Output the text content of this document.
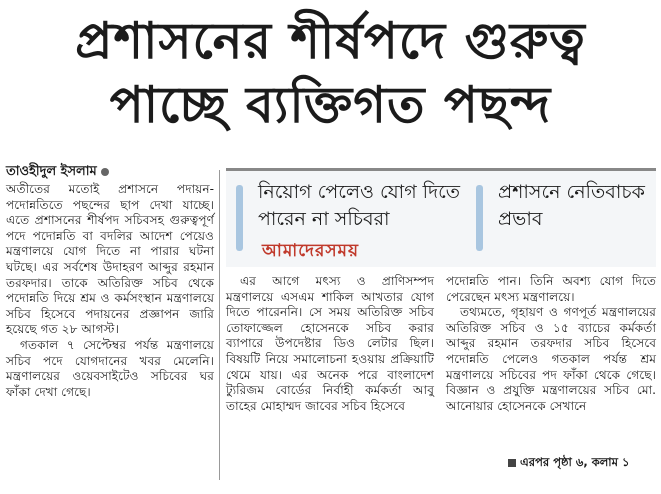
প্রশাসনের শীর্ষপদে গুরুত্ব
পাচ্ছে ব্যক্তিগত পছন্দ
তাওহীদুল ইসলাম

অতীতের মতোই প্রশাসনে পদায়ন-পদোন্নতিতে পছন্দের ছাপ দেখা যাচ্ছে। এতে প্রশাসনের শীর্ষপদ সচিবসহ গুরুত্বপূর্ণ পদে পদোন্নতি বা বদলির আদেশ পেয়েও মন্ত্রণালয়ে যোগ দিতে না পারার ঘটনা ঘটছে। এর সর্বশেষ উদাহরণ আব্দুর রহমান তরফদার। তাকে অতিরিক্ত সচিব থেকে পদোন্নতি দিয়ে শ্রম ও কর্মসংস্থান মন্ত্রণালয়ে সচিব হিসেবে পদায়নের প্রজ্ঞাপন জারি হয়েছে গত ২৮ আগস্ট।

গতকাল ৭ সেপ্টেম্বর পর্যন্ত মন্ত্রণালয়ে সচিব পদে যোগদানের খবর মেলেনি। মন্ত্রণালয়ের ওয়েবসাইটেও সচিবের ঘর ফাঁকা দেখা গেছে।

নিয়োগ পেলেও যোগ দিতে পারেন না সচিবরা
প্রশাসনে নেতিবাচক প্রভাব
আমাদেরসময়

এর আগে মৎস্য ও প্রাণিসম্পদ মন্ত্রণালয়ে এসএম শাকিল আখতার যোগ দিতে পারেননি। সে সময় অতিরিক্ত সচিব তোফাজ্জেল হোসেনকে সচিব করার ব্যাপারে উপদেষ্টার ডিও লেটার ছিল। বিষয়টি নিয়ে সমালোচনা হওয়ায় প্রক্রিয়াটি থেমে যায়। এর অনেক পরে বাংলাদেশ ট্যুরিজম বোর্ডের নির্বাহী কর্মকর্তা আবু তাহের মোহাম্মদ জাবের সচিব হিসেবে

পদোন্নতি পান। তিনি অবশ্য যোগ দিতে পেরেছেন মৎস্য মন্ত্রণালয়ে।

তথ্যমতে, গৃহায়ণ ও গণপূর্ত মন্ত্রণালয়ের অতিরিক্ত সচিব ও ১৫ ব্যাচের কর্মকর্তা আব্দুর রহমান তরফদার সচিব হিসেবে পদোন্নতি পেলেও গতকাল পর্যন্ত শ্রম মন্ত্রণালয়ে সচিবের পদ ফাঁকা থেকে গেছে। বিজ্ঞান ও প্রযুক্তি মন্ত্রণালয়ের সচিব মো. আনোয়ার হোসেনকে সেখানে

এরপর পৃষ্ঠা ৬, কলাম ১
